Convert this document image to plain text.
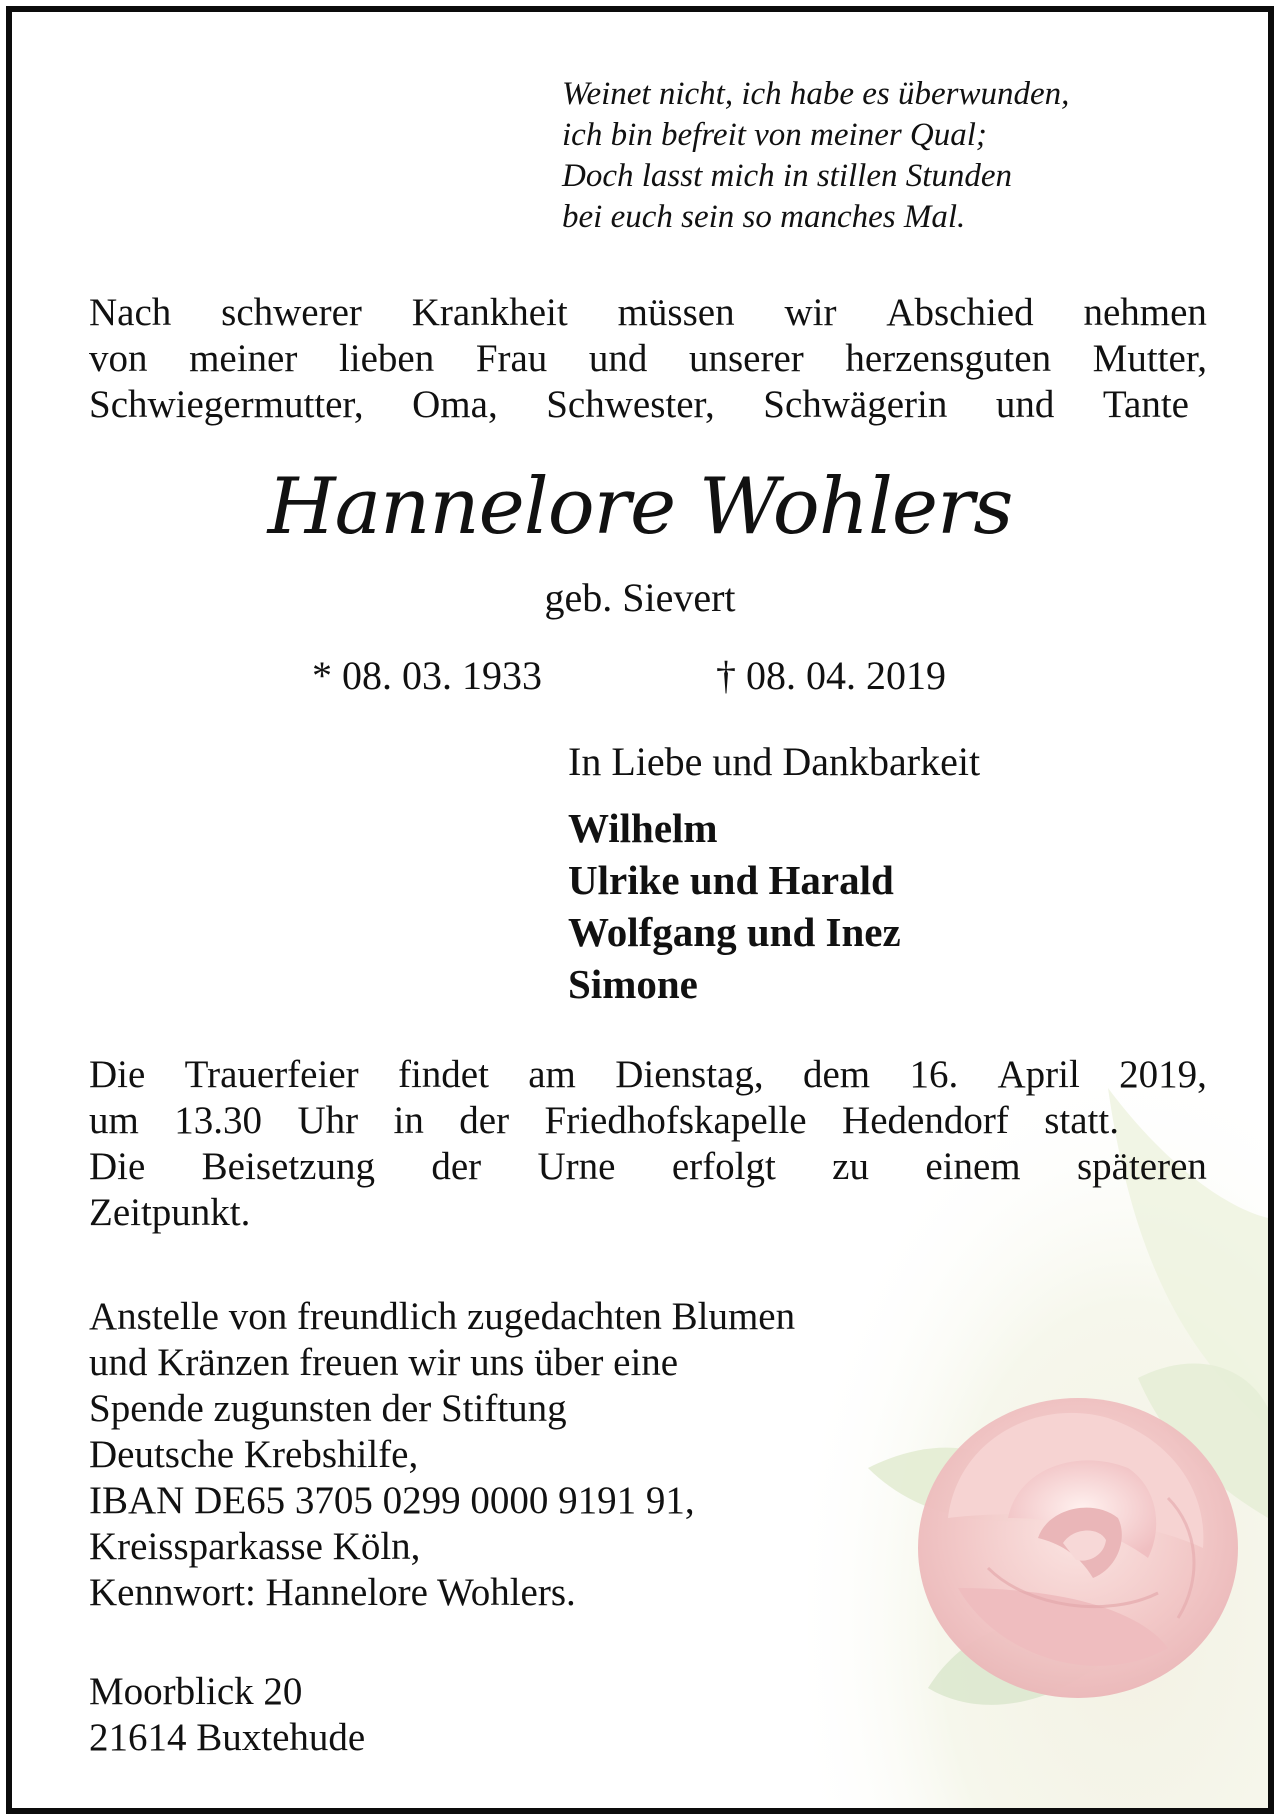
Weinet nicht, ich habe es überwunden,
ich bin befreit von meiner Qual;
Doch lasst mich in stillen Stunden
bei euch sein so manches Mal.
Nach schwerer Krankheit müssen wir Abschied nehmen
von meiner lieben Frau und unserer herzensguten Mutter,
Schwiegermutter, Oma, Schwester, Schwägerin und Tante
Hannelore Wohlers
geb. Sievert
* 08. 03. 1933	† 08. 04. 2019
In Liebe und Dankbarkeit
Wilhelm
Ulrike und Harald
Wolfgang und Inez
Simone
Die Trauerfeier findet am Dienstag, dem 16. April 2019,
um 13.30 Uhr in der Friedhofskapelle Hedendorf statt.
Die Beisetzung der Urne erfolgt zu einem späteren
Zeitpunkt.
Anstelle von freundlich zugedachten Blumen
und Kränzen freuen wir uns über eine
Spende zugunsten der Stiftung
Deutsche Krebshilfe,
IBAN DE65 3705 0299 0000 9191 91,
Kreissparkasse Köln,
Kennwort: Hannelore Wohlers.
Moorblick 20
21614 Buxtehude
